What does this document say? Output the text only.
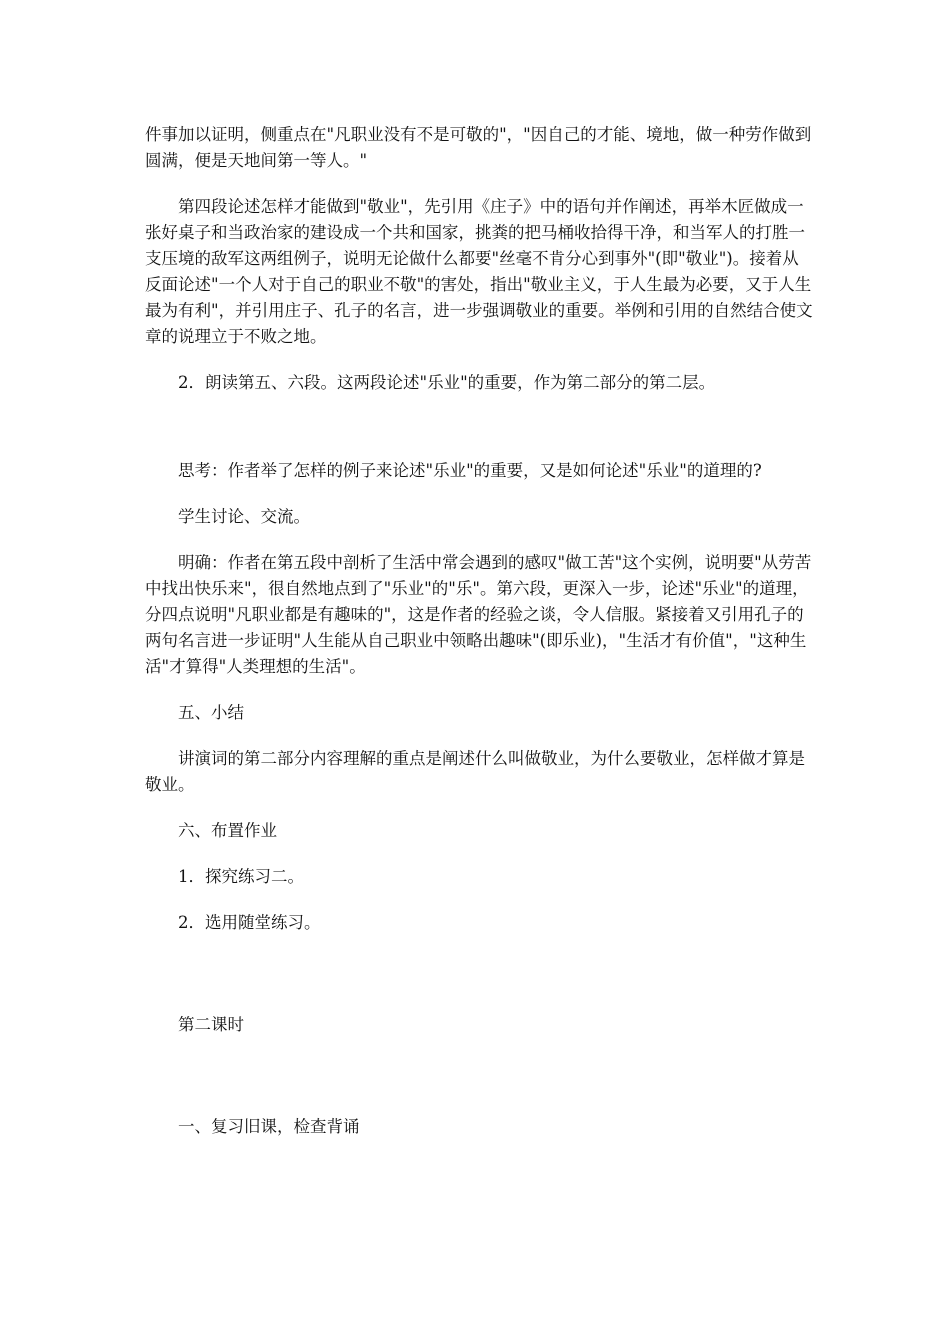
件事加以证明，侧重点在"凡职业没有不是可敬的"，"因自己的才能、境地，做一种劳作做到圆满，便是天地间第一等人。"

第四段论述怎样才能做到"敬业"，先引用《庄子》中的语句并作阐述，再举木匠做成一张好桌子和当政治家的建设成一个共和国家，挑粪的把马桶收拾得干净，和当军人的打胜一支压境的敌军这两组例子，说明无论做什么都要"丝毫不肯分心到事外"(即"敬业")。接着从反面论述"一个人对于自己的职业不敬"的害处，指出"敬业主义，于人生最为必要，又于人生最为有利"，并引用庄子、孔子的名言，进一步强调敬业的重要。举例和引用的自然结合使文章的说理立于不败之地。

2．朗读第五、六段。这两段论述"乐业"的重要，作为第二部分的第二层。

思考：作者举了怎样的例子来论述"乐业"的重要，又是如何论述"乐业"的道理的?

学生讨论、交流。

明确：作者在第五段中剖析了生活中常会遇到的感叹"做工苦"这个实例，说明要"从劳苦中找出快乐来"，很自然地点到了"乐业"的"乐"。第六段，更深入一步，论述"乐业"的道理，分四点说明"凡职业都是有趣味的"，这是作者的经验之谈，令人信服。紧接着又引用孔子的两句名言进一步证明"人生能从自己职业中领略出趣味"(即乐业)，"生活才有价值"，"这种生活"才算得"人类理想的生活"。

五、小结

讲演词的第二部分内容理解的重点是阐述什么叫做敬业，为什么要敬业，怎样做才算是敬业。

六、布置作业

1．探究练习二。

2．选用随堂练习。

第二课时

一、复习旧课，检查背诵
